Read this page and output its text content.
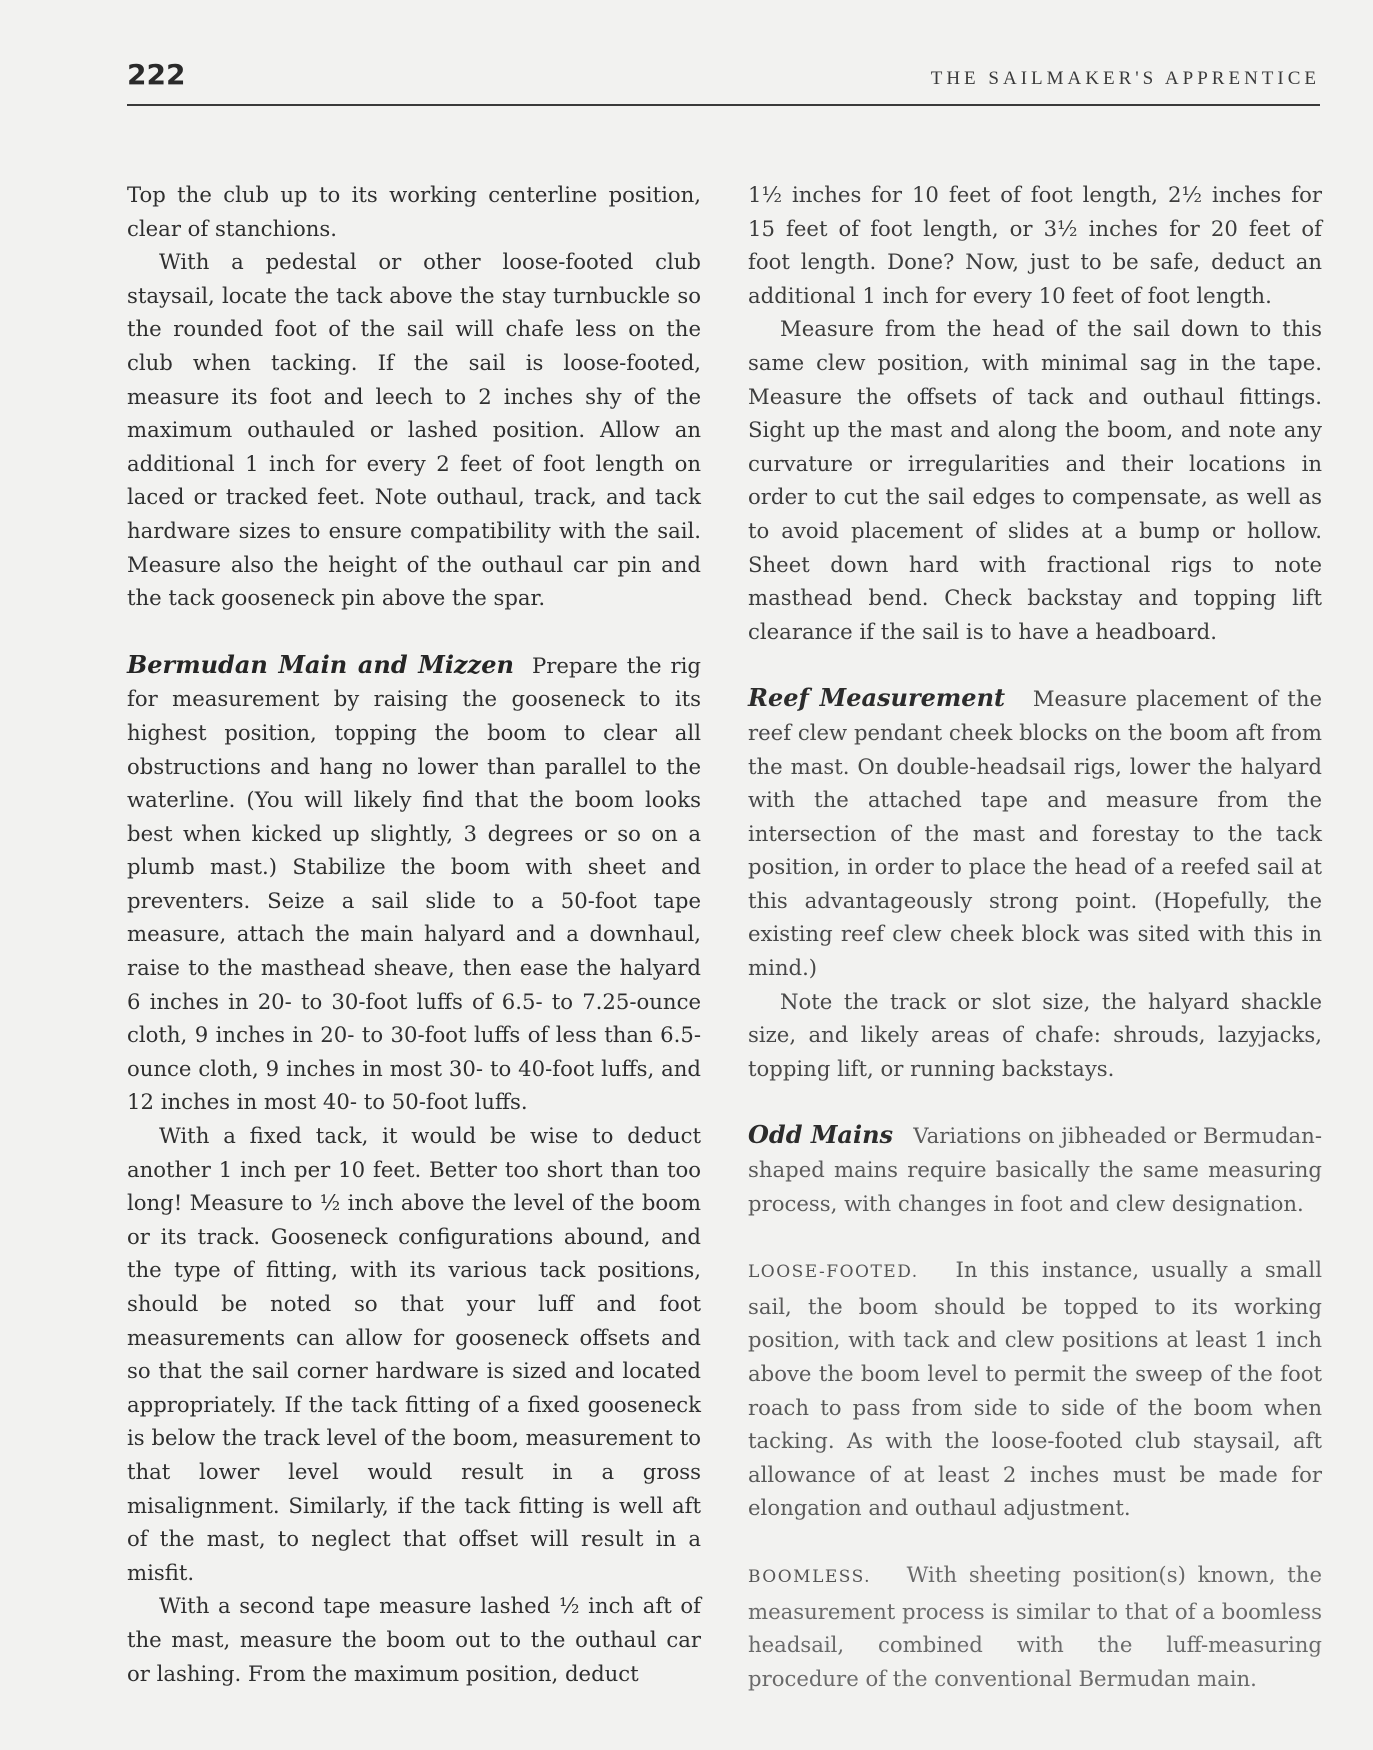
222	THE SAILMAKER'S APPRENTICE

Top the club up to its working centerline position, clear of stanchions.

With a pedestal or other loose-footed club staysail, locate the tack above the stay turnbuckle so the rounded foot of the sail will chafe less on the club when tacking. If the sail is loose-footed, measure its foot and leech to 2 inches shy of the maximum outhauled or lashed position. Allow an additional 1 inch for every 2 feet of foot length on laced or tracked feet. Note outhaul, track, and tack hardware sizes to ensure compatibility with the sail. Measure also the height of the outhaul car pin and the tack gooseneck pin above the spar.

Bermudan Main and Mizzen Prepare the rig for measurement by raising the gooseneck to its highest position, topping the boom to clear all obstructions and hang no lower than parallel to the waterline. (You will likely find that the boom looks best when kicked up slightly, 3 degrees or so on a plumb mast.) Stabilize the boom with sheet and preventers. Seize a sail slide to a 50-foot tape measure, attach the main halyard and a downhaul, raise to the masthead sheave, then ease the halyard 6 inches in 20- to 30-foot luffs of 6.5- to 7.25-ounce cloth, 9 inches in 20- to 30-foot luffs of less than 6.5-ounce cloth, 9 inches in most 30- to 40-foot luffs, and 12 inches in most 40- to 50-foot luffs.

With a fixed tack, it would be wise to deduct another 1 inch per 10 feet. Better too short than too long! Measure to ½ inch above the level of the boom or its track. Gooseneck configurations abound, and the type of fitting, with its various tack positions, should be noted so that your luff and foot measurements can allow for gooseneck offsets and so that the sail corner hardware is sized and located appropriately. If the tack fitting of a fixed gooseneck is below the track level of the boom, measurement to that lower level would result in a gross misalignment. Similarly, if the tack fitting is well aft of the mast, to neglect that offset will result in a misfit.

With a second tape measure lashed ½ inch aft of the mast, measure the boom out to the outhaul car or lashing. From the maximum position, deduct

1½ inches for 10 feet of foot length, 2½ inches for 15 feet of foot length, or 3½ inches for 20 feet of foot length. Done? Now, just to be safe, deduct an additional 1 inch for every 10 feet of foot length.

Measure from the head of the sail down to this same clew position, with minimal sag in the tape. Measure the offsets of tack and outhaul fittings. Sight up the mast and along the boom, and note any curvature or irregularities and their locations in order to cut the sail edges to compensate, as well as to avoid placement of slides at a bump or hollow. Sheet down hard with fractional rigs to note masthead bend. Check backstay and topping lift clearance if the sail is to have a headboard.

Reef Measurement Measure placement of the reef clew pendant cheek blocks on the boom aft from the mast. On double-headsail rigs, lower the halyard with the attached tape and measure from the intersection of the mast and forestay to the tack position, in order to place the head of a reefed sail at this advantageously strong point. (Hopefully, the existing reef clew cheek block was sited with this in mind.)

Note the track or slot size, the halyard shackle size, and likely areas of chafe: shrouds, lazyjacks, topping lift, or running backstays.

Odd Mains Variations on jibheaded or Bermudan-shaped mains require basically the same measuring process, with changes in foot and clew designation.

LOOSE-FOOTED. In this instance, usually a small sail, the boom should be topped to its working position, with tack and clew positions at least 1 inch above the boom level to permit the sweep of the foot roach to pass from side to side of the boom when tacking. As with the loose-footed club staysail, aft allowance of at least 2 inches must be made for elongation and outhaul adjustment.

BOOMLESS. With sheeting position(s) known, the measurement process is similar to that of a boomless headsail, combined with the luff-measuring procedure of the conventional Bermudan main.
